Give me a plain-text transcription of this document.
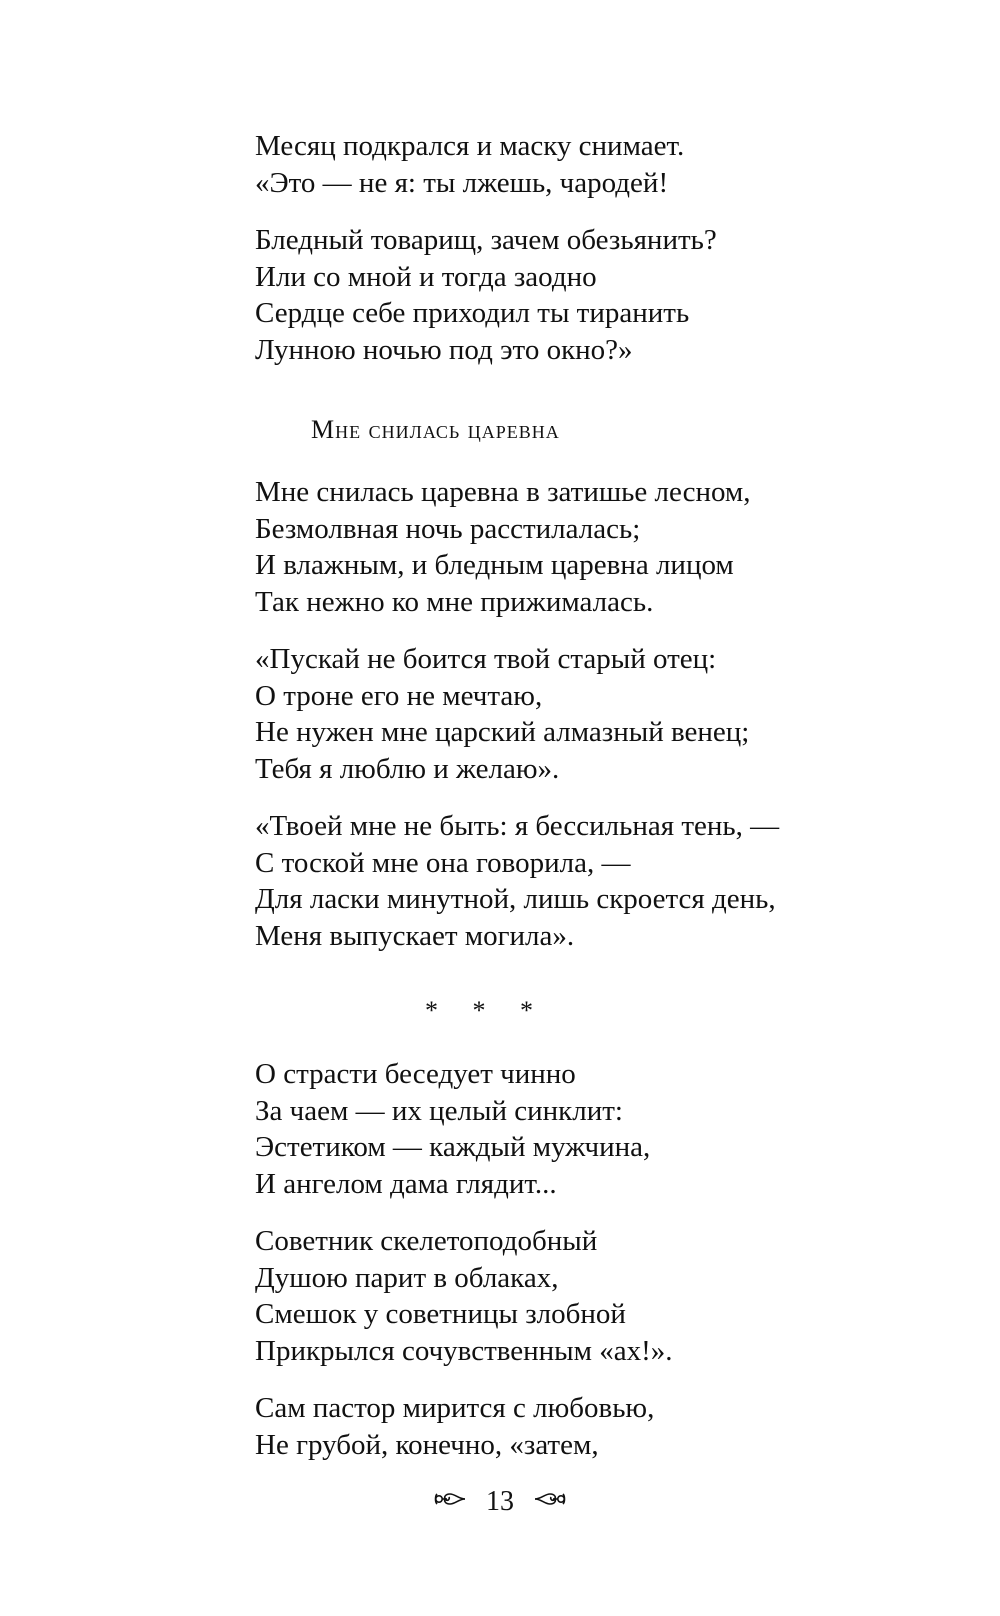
Месяц подкрался и маску снимает.
«Это — не я: ты лжешь, чародей!
Бледный товарищ, зачем обезьянить?
Или со мной и тогда заодно
Сердце себе приходил ты тиранить
Лунною ночью под это окно?»
Мне снилась царевна
Мне снилась царевна в затишье лесном,
Безмолвная ночь расстилалась;
И влажным, и бледным царевна лицом
Так нежно ко мне прижималась.
«Пускай не боится твой старый отец:
О троне его не мечтаю,
Не нужен мне царский алмазный венец;
Тебя я люблю и желаю».
«Твоей мне не быть: я бессильная тень, —
С тоской мне она говорила, —
Для ласки минутной, лишь скроется день,
Меня выпускает могила».
* * *
О страсти беседует чинно
За чаем — их целый синклит:
Эстетиком — каждый мужчина,
И ангелом дама глядит...
Советник скелетоподобный
Душою парит в облаках,
Смешок у советницы злобной
Прикрылся сочувственным «ах!».
Сам пастор мирится с любовью,
Не грубой, конечно, «затем,
13
